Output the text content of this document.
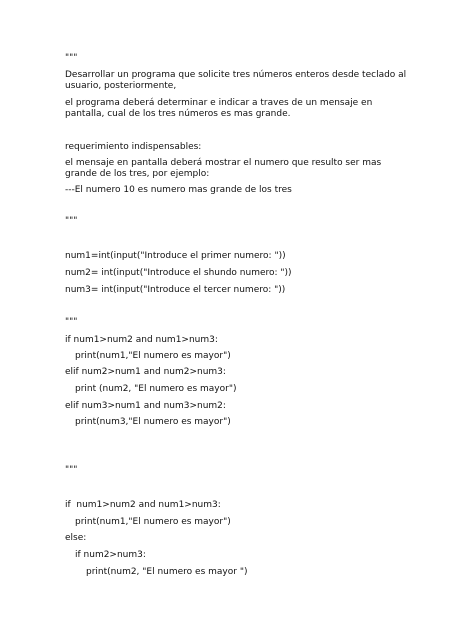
"""
Desarrollar un programa que solicite tres números enteros desde teclado al
usuario, posteriormente,
el programa deberá determinar e indicar a traves de un mensaje en
pantalla, cual de los tres números es mas grande.
requerimiento indispensables:
el mensaje en pantalla deberá mostrar el numero que resulto ser mas
grande de los tres, por ejemplo:
---El numero 10 es numero mas grande de los tres
"""
num1=int(input("Introduce el primer numero: "))
num2= int(input("Introduce el shundo numero: "))
num3= int(input("Introduce el tercer numero: "))
"""
if num1>num2 and num1>num3:
print(num1,"El numero es mayor")
elif num2>num1 and num2>num3:
print (num2, "El numero es mayor")
elif num3>num1 and num3>num2:
print(num3,"El numero es mayor")
"""
if  num1>num2 and num1>num3:
print(num1,"El numero es mayor")
else:
if num2>num3:
print(num2, "El numero es mayor ")
